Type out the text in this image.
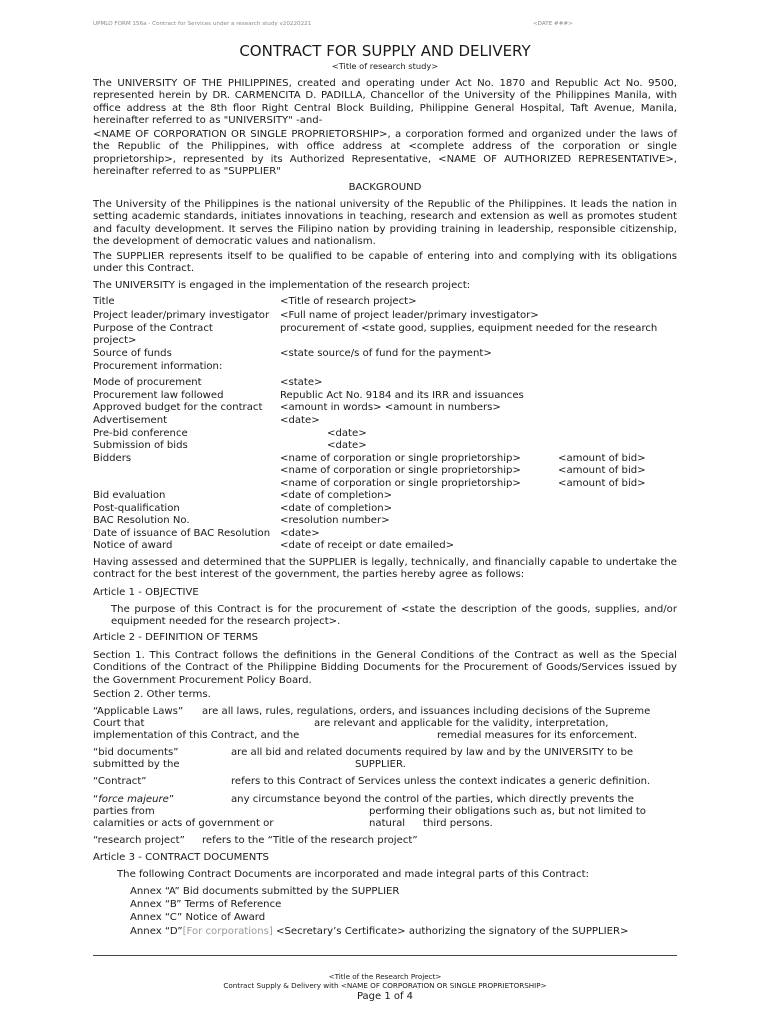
UPMLO FORM 156a - Contract for Services under a research study v20220221	<DATE ###>
CONTRACT FOR SUPPLY AND DELIVERY
<Title of research study>
The UNIVERSITY OF THE PHILIPPINES, created and operating under Act No. 1870 and Republic Act No. 9500, represented herein by DR. CARMENCITA D. PADILLA, Chancellor of the University of the Philippines Manila, with office address at the 8th floor Right Central Block Building, Philippine General Hospital, Taft Avenue, Manila, hereinafter referred to as "UNIVERSITY" -and-
<NAME OF CORPORATION OR SINGLE PROPRIETORSHIP>, a corporation formed and organized under the laws of the Republic of the Philippines, with office address at <complete address of the corporation or single proprietorship>, represented by its Authorized Representative, <NAME OF AUTHORIZED REPRESENTATIVE>, hereinafter referred to as "SUPPLIER"
BACKGROUND
The University of the Philippines is the national university of the Republic of the Philippines. It leads the nation in setting academic standards, initiates innovations in teaching, research and extension as well as promotes student and faculty development. It serves the Filipino nation by providing training in leadership, responsible citizenship, the development of democratic values and nationalism.
The SUPPLIER represents itself to be qualified to be capable of entering into and complying with its obligations under this Contract.
The UNIVERSITY is engaged in the implementation of the research project:
Title	<Title of research project>
Project leader/primary investigator <Full name of project leader/primary investigator>
Purpose of the Contract	procurement of <state good, supplies, equipment needed for the research
project>
Source of funds	<state source/s of fund for the payment>
Procurement information:
Mode of procurement	<state>
Procurement law followed	Republic Act No. 9184 and its IRR and issuances
Approved budget for the contract <amount in words> <amount in numbers>
Advertisement	<date>
Pre-bid conference	<date>
Submission of bids	<date>
Bidders	<name of corporation or single proprietorship>	<amount of bid>
<name of corporation or single proprietorship>	<amount of bid>
<name of corporation or single proprietorship>	<amount of bid>
Bid evaluation	<date of completion>
Post-qualification	<date of completion>
BAC Resolution No.	<resolution number>
Date of issuance of BAC Resolution <date>
Notice of award	<date of receipt or date emailed>
Having assessed and determined that the SUPPLIER is legally, technically, and financially capable to undertake the contract for the best interest of the government, the parties hereby agree as follows:
Article 1 - OBJECTIVE
The purpose of this Contract is for the procurement of <state the description of the goods, supplies, and/or equipment needed for the research project>.
Article 2 - DEFINITION OF TERMS
Section 1. This Contract follows the definitions in the General Conditions of the Contract as well as the Special Conditions of the Contract of the Philippine Bidding Documents for the Procurement of Goods/Services issued by the Government Procurement Policy Board.
Section 2. Other terms.
“Applicable Laws” are all laws, rules, regulations, orders, and issuances including decisions of the Supreme
Court that	are relevant and applicable for the validity, interpretation,
implementation of this Contract, and the	remedial measures for its enforcement.
“bid documents”	are all bid and related documents required by law and by the UNIVERSITY to be
submitted by the	SUPPLIER.
“Contract”	refers to this Contract of Services unless the context indicates a generic definition.
“force majeure”	any circumstance beyond the control of the parties, which directly prevents the
parties from	performing their obligations such as, but not limited to natural
calamities or acts of government or	third persons.
“research project” refers to the “Title of the research project”
Article 3 - CONTRACT DOCUMENTS
The following Contract Documents are incorporated and made integral parts of this Contract:
Annex “A” Bid documents submitted by the SUPPLIER
Annex “B” Terms of Reference
Annex “C” Notice of Award
Annex “D”[For corporations] <Secretary’s Certificate> authorizing the signatory of the SUPPLIER>
<Title of the Research Project>
Contract Supply & Delivery with <NAME OF CORPORATION OR SINGLE PROPRIETORSHIP>
Page 1 of 4
